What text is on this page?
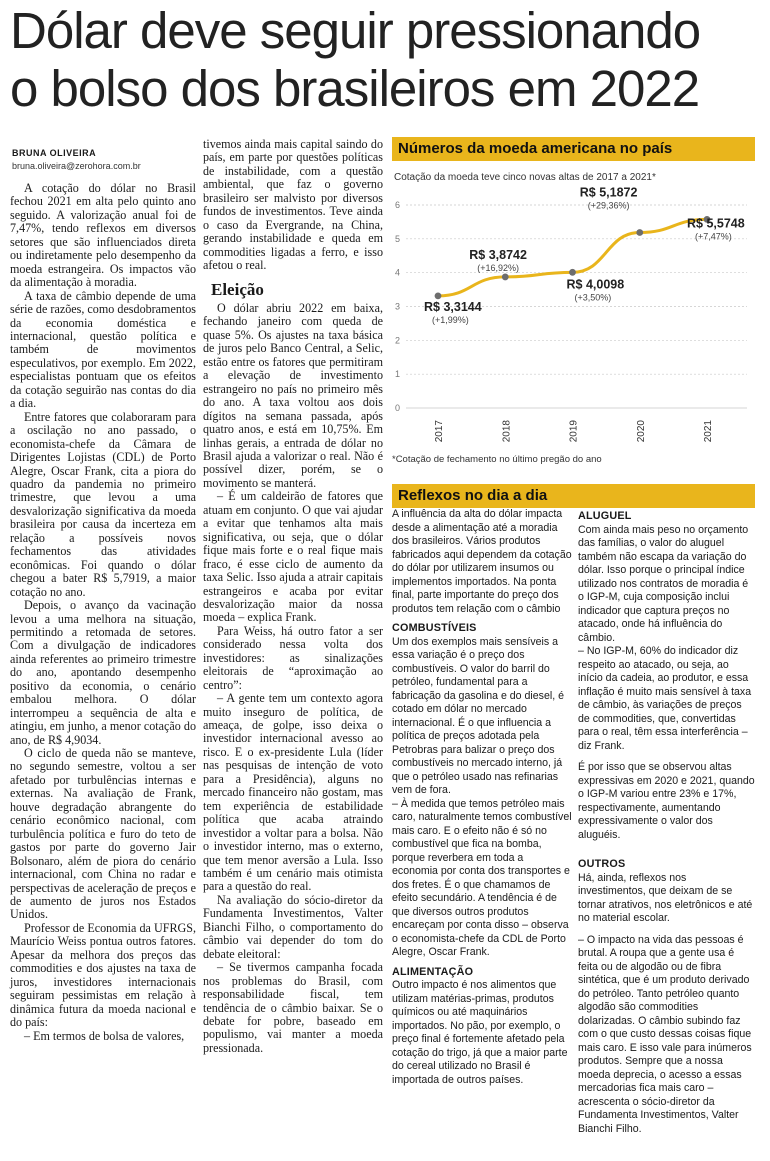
Dólar deve seguir pressionando
o bolso dos brasileiros em 2022
BRUNA OLIVEIRA
bruna.oliveira@zerohora.com.br

A cotação do dólar no Brasil fechou 2021 em alta pelo quinto ano seguido. A valorização anual foi de 7,47%, tendo reflexos em diversos setores que são influenciados direta ou indiretamente pelo desempenho da moeda estrangeira. Os impactos vão da alimentação à moradia.

A taxa de câmbio depende de uma série de razões, como desdobramentos da economia doméstica e internacional, questão política e também de movimentos especulativos, por exemplo. Em 2022, especialistas pontuam que os efeitos da cotação seguirão nas contas do dia a dia.

Entre fatores que colaboraram para a oscilação no ano passado, o economista-chefe da Câmara de Dirigentes Lojistas (CDL) de Porto Alegre, Oscar Frank, cita a piora do quadro da pandemia no primeiro trimestre, que levou a uma desvalorização significativa da moeda brasileira por causa da incerteza em relação a possíveis novos fechamentos das atividades econômicas. Foi quando o dólar chegou a bater R$ 5,7919, a maior cotação no ano.

Depois, o avanço da vacinação levou a uma melhora na situação, permitindo a retomada de setores. Com a divulgação de indicadores ainda referentes ao primeiro trimestre do ano, apontando desempenho positivo da economia, o cenário embalou melhora. O dólar interrompeu a sequência de alta e atingiu, em junho, a menor cotação do ano, de R$ 4,9034.

O ciclo de queda não se manteve, no segundo semestre, voltou a ser afetado por turbulências internas e externas. Na avaliação de Frank, houve degradação abrangente do cenário econômico nacional, com turbulência política e furo do teto de gastos por parte do governo Jair Bolsonaro, além de piora do cenário internacional, com China no radar e perspectivas de aceleração de preços e de aumento de juros nos Estados Unidos.

Professor de Economia da UFRGS, Maurício Weiss pontua outros fatores. Apesar da melhora dos preços das commodities e dos ajustes na taxa de juros, investidores internacionais seguiram pessimistas em relação à dinâmica futura da moeda nacional e do país:

– Em termos de bolsa de valores,

tivemos ainda mais capital saindo do país, em parte por questões políticas de instabilidade, com a questão ambiental, que faz o governo brasileiro ser malvisto por diversos fundos de investimentos. Teve ainda o caso da Evergrande, na China, gerando instabilidade e queda em commodities ligadas a ferro, e isso afetou o real.

Eleição

O dólar abriu 2022 em baixa, fechando janeiro com queda de quase 5%. Os ajustes na taxa básica de juros pelo Banco Central, a Selic, estão entre os fatores que permitiram a elevação de investimento estrangeiro no país no primeiro mês do ano. A taxa voltou aos dois dígitos na semana passada, após quatro anos, e está em 10,75%. Em linhas gerais, a entrada de dólar no Brasil ajuda a valorizar o real. Não é possível dizer, porém, se o movimento se manterá.

– É um caldeirão de fatores que atuam em conjunto. O que vai ajudar a evitar que tenhamos alta mais significativa, ou seja, que o dólar fique mais forte e o real fique mais fraco, é esse ciclo de aumento da taxa Selic. Isso ajuda a atrair capitais estrangeiros e acaba por evitar desvalorização maior da nossa moeda – explica Frank.

Para Weiss, há outro fator a ser considerado nessa volta dos investidores: as sinalizações eleitorais de “aproximação ao centro”:

– A gente tem um contexto agora muito inseguro de política, de ameaça, de golpe, isso deixa o investidor internacional avesso ao risco. E o ex-presidente Lula (líder nas pesquisas de intenção de voto para a Presidência), alguns no mercado financeiro não gostam, mas tem experiência de estabilidade política que acaba atraindo investidor a voltar para a bolsa. Não o investidor interno, mas o externo, que tem menor aversão a Lula. Isso também é um cenário mais otimista para a questão do real.

Na avaliação do sócio-diretor da Fundamenta Investimentos, Valter Bianchi Filho, o comportamento do câmbio vai depender do tom do debate eleitoral:

– Se tivermos campanha focada nos problemas do Brasil, com responsabilidade fiscal, tem tendência de o câmbio baixar. Se o debate for pobre, baseado em populismo, vai manter a moeda pressionada.

Números da moeda americana no país
Cotação da moeda teve cinco novas altas de 2017 a 2021*
0
1
2
3
4
5
6
R$ 3,3144
(+1,99%)
2017
R$ 3,8742
(+16,92%)
2018
R$ 4,0098
(+3,50%)
2019
R$ 5,1872
(+29,36%)
2020
R$ 5,5748
(+7,47%)
2021
*Cotação de fechamento no último pregão do ano
Reflexos no dia a dia

A influência da alta do dólar impacta desde a alimentação até a moradia dos brasileiros. Vários produtos fabricados aqui dependem da cotação do dólar por utilizarem insumos ou implementos importados. Na ponta final, parte importante do preço dos produtos tem relação com o câmbio

COMBUSTÍVEIS

Um dos exemplos mais sensíveis a essa variação é o preço dos combustíveis. O valor do barril do petróleo, fundamental para a fabricação da gasolina e do diesel, é cotado em dólar no mercado internacional. É o que influencia a política de preços adotada pela Petrobras para balizar o preço dos combustíveis no mercado interno, já que o petróleo usado nas refinarias vem de fora.

– À medida que temos petróleo mais caro, naturalmente temos combustível mais caro. E o efeito não é só no combustível que fica na bomba, porque reverbera em toda a economia por conta dos transportes e dos fretes. É o que chamamos de efeito secundário. A tendência é de que diversos outros produtos encareçam por conta disso – observa o economista-chefe da CDL de Porto Alegre, Oscar Frank.

ALIMENTAÇÃO

Outro impacto é nos alimentos que utilizam matérias-primas, produtos químicos ou até maquinários importados. No pão, por exemplo, o preço final é fortemente afetado pela cotação do trigo, já que a maior parte do cereal utilizado no Brasil é importada de outros países.

ALUGUEL

Com ainda mais peso no orçamento das famílias, o valor do aluguel também não escapa da variação do dólar. Isso porque o principal índice utilizado nos contratos de moradia é o IGP-M, cuja composição inclui indicador que captura preços no atacado, onde há influência do câmbio.

– No IGP-M, 60% do indicador diz respeito ao atacado, ou seja, ao início da cadeia, ao produtor, e essa inflação é muito mais sensível à taxa de câmbio, às variações de preços de commodities, que, convertidas para o real, têm essa interferência – diz Frank.

É por isso que se observou altas expressivas em 2020 e 2021, quando o IGP-M variou entre 23% e 17%, respectivamente, aumentando expressivamente o valor dos aluguéis.

OUTROS

Há, ainda, reflexos nos investimentos, que deixam de se tornar atrativos, nos eletrônicos e até no material escolar.

– O impacto na vida das pessoas é brutal. A roupa que a gente usa é feita ou de algodão ou de fibra sintética, que é um produto derivado do petróleo. Tanto petróleo quanto algodão são commodities dolarizadas. O câmbio subindo faz com o que custo dessas coisas fique mais caro. E isso vale para inúmeros produtos. Sempre que a nossa moeda deprecia, o acesso a essas mercadorias fica mais caro – acrescenta o sócio-diretor da Fundamenta Investimentos, Valter Bianchi Filho.
